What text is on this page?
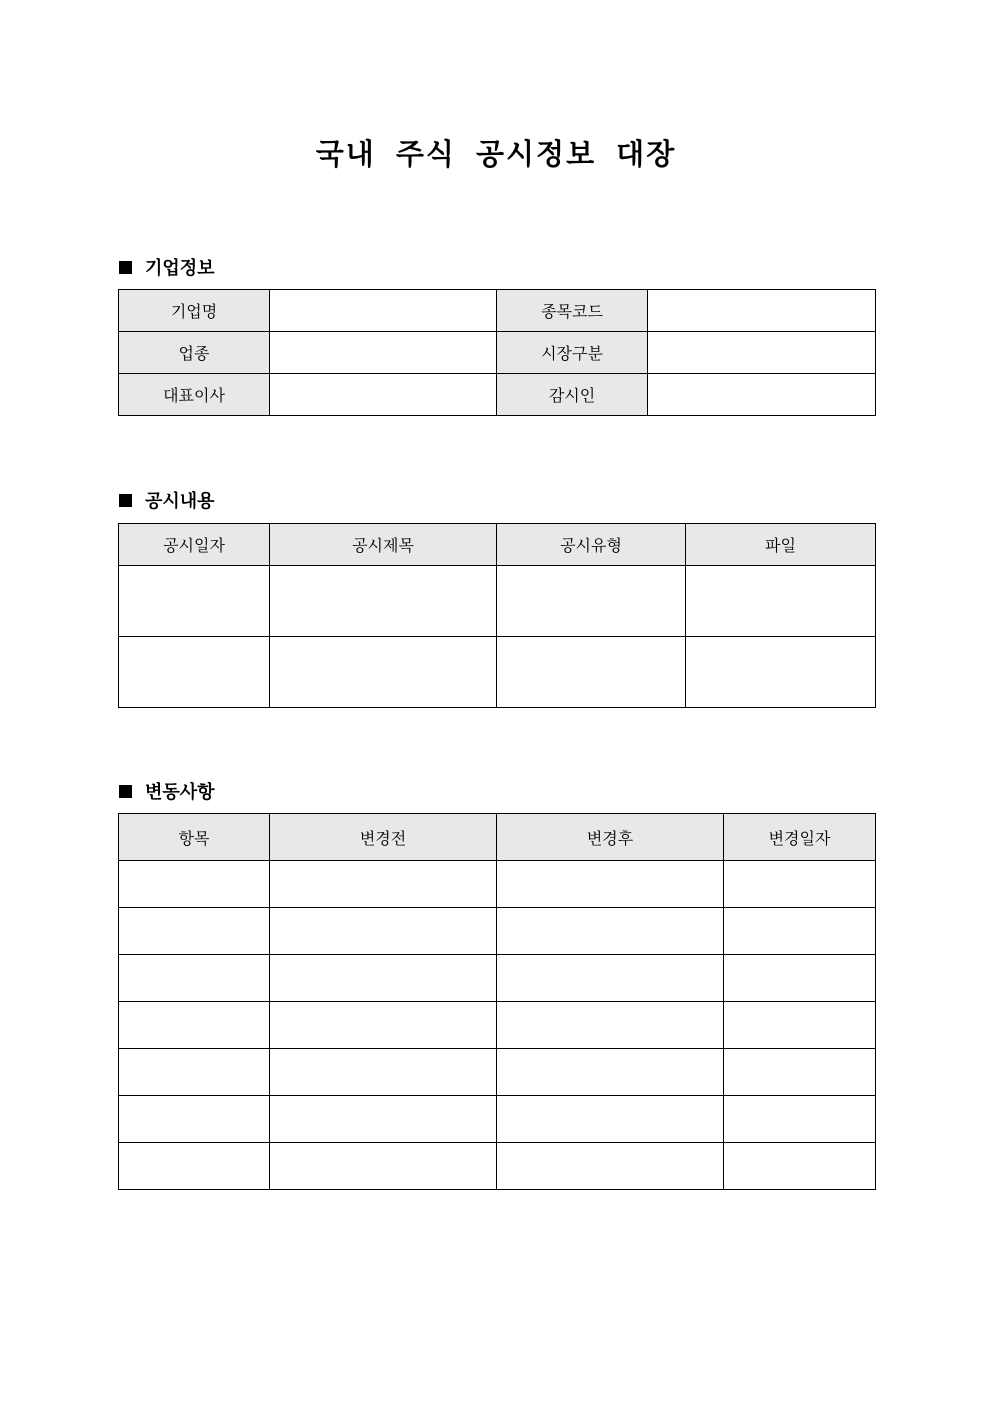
국내 주식 공시정보 대장
기업정보
기업명		종목코드	
업종		시장구분	
대표이사		감시인	
공시내용
공시일자	공시제목	공시유형	파일

변동사항
항목	변경전	변경후	변경일자
